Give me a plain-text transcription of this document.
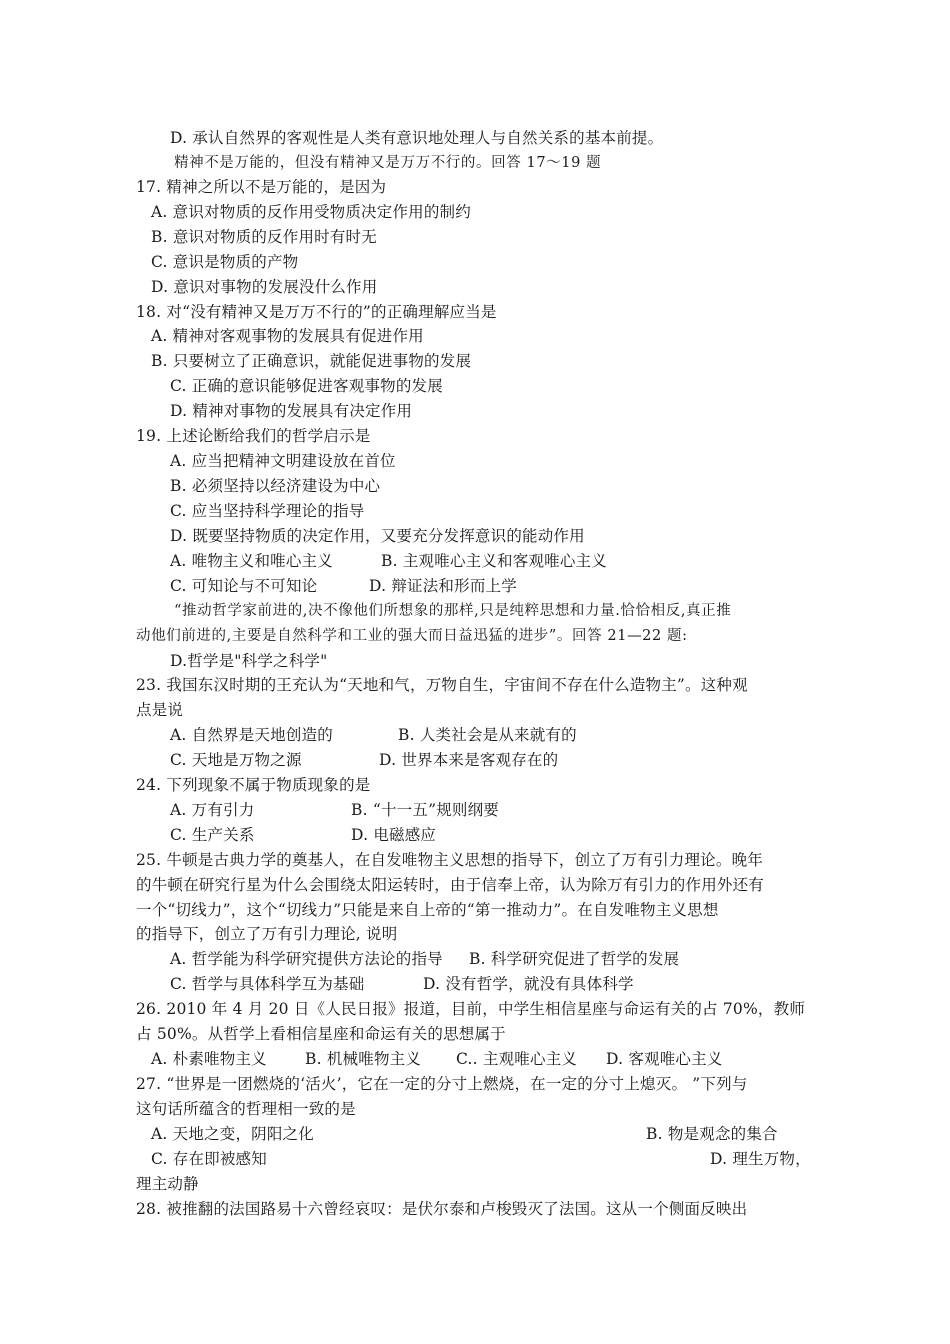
D. 承认自然界的客观性是人类有意识地处理人与自然关系的基本前提。
精神不是万能的，但没有精神又是万万不行的。回答 17～19 题
17. 精神之所以不是万能的，是因为
A. 意识对物质的反作用受物质决定作用的制约
B. 意识对物质的反作用时有时无
C. 意识是物质的产物
D. 意识对事物的发展没什么作用
18. 对“没有精神又是万万不行的”的正确理解应当是
A. 精神对客观事物的发展具有促进作用
B. 只要树立了正确意识，就能促进事物的发展
C. 正确的意识能够促进客观事物的发展
D. 精神对事物的发展具有决定作用
19. 上述论断给我们的哲学启示是
A. 应当把精神文明建设放在首位
B. 必须坚持以经济建设为中心
C. 应当坚持科学理论的指导
D. 既要坚持物质的决定作用，又要充分发挥意识的能动作用
A. 唯物主义和唯心主义	B. 主观唯心主义和客观唯心主义
C. 可知论与不可知论	D. 辩证法和形而上学
“推动哲学家前进的,决不像他们所想象的那样,只是纯粹思想和力量.恰恰相反,真正推
动他们前进的,主要是自然科学和工业的强大而日益迅猛的进步”。回答 21—22 题:
D.哲学是"科学之科学"
23. 我国东汉时期的王充认为“天地和气，万物自生，宇宙间不存在什么造物主”。这种观
点是说
A. 自然界是天地创造的	B. 人类社会是从来就有的
C. 天地是万物之源	D. 世界本来是客观存在的
24. 下列现象不属于物质现象的是
A. 万有引力	B. “十一五”规则纲要
C. 生产关系	D. 电磁感应
25. 牛顿是古典力学的奠基人，在自发唯物主义思想的指导下，创立了万有引力理论。晚年
的牛顿在研究行星为什么会围绕太阳运转时，由于信奉上帝，认为除万有引力的作用外还有
一个“切线力”，这个“切线力”只能是来自上帝的“第一推动力”。在自发唯物主义思想
的指导下，创立了万有引力理论, 说明
A. 哲学能为科学研究提供方法论的指导 B. 科学研究促进了哲学的发展
C. 哲学与具体科学互为基础	D. 没有哲学，就没有具体科学
26. 2010 年 4 月 20 日《人民日报》报道，目前，中学生相信星座与命运有关的占 70%，教师
占 50%。从哲学上看相信星座和命运有关的思想属于
A. 朴素唯物主义 B. 机械唯物主义 C.. 主观唯心主义 D. 客观唯心主义
27. “世界是一团燃烧的‘活火’，它在一定的分寸上燃烧，在一定的分寸上熄灭。 ”下列与
这句话所蕴含的哲理相一致的是
A. 天地之变，阴阳之化	B. 物是观念的集合
C. 存在即被感知	D. 理生万物，
理主动静
28. 被推翻的法国路易十六曾经哀叹：是伏尔泰和卢梭毁灭了法国。这从一个侧面反映出
